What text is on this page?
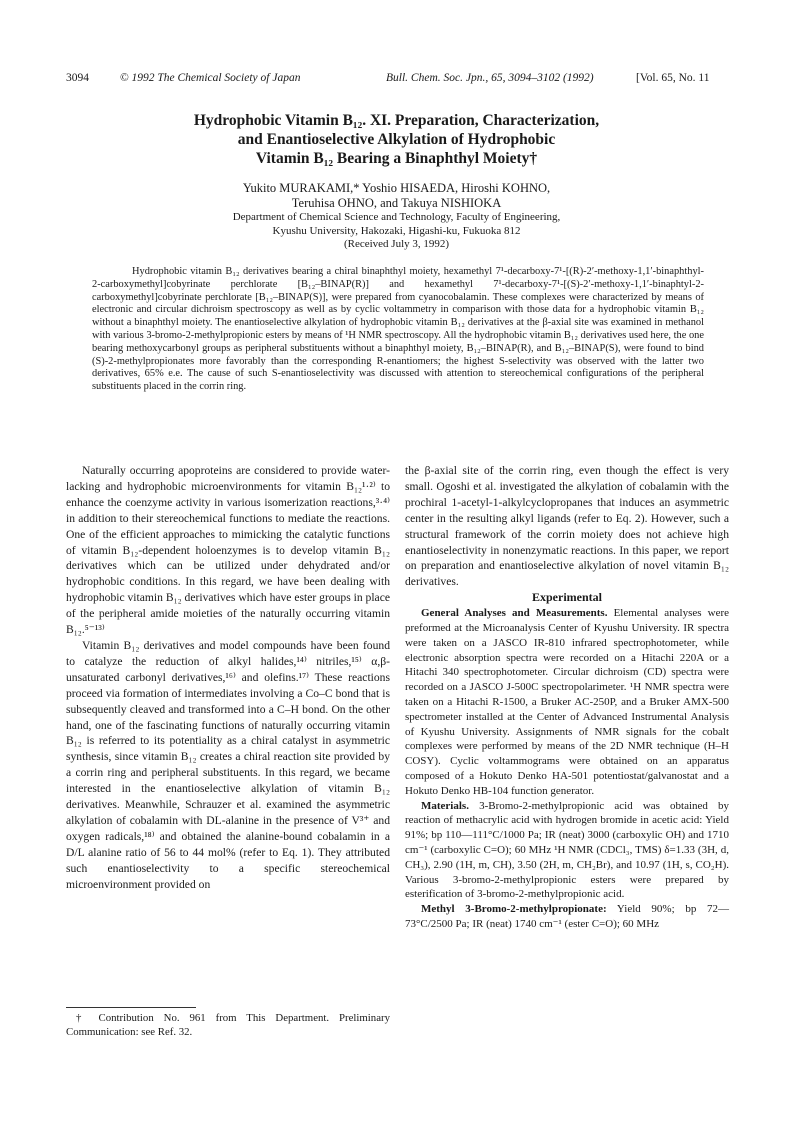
3094	© 1992 The Chemical Society of Japan	Bull. Chem. Soc. Jpn., 65, 3094–3102 (1992)	[Vol. 65, No. 11
Hydrophobic Vitamin B₁₂. XI. Preparation, Characterization,
and Enantioselective Alkylation of Hydrophobic
Vitamin B₁₂ Bearing a Binaphthyl Moiety†
Yukito MURAKAMI,* Yoshio HISAEDA, Hiroshi KOHNO,
Teruhisa OHNO, and Takuya NISHIOKA
Department of Chemical Science and Technology, Faculty of Engineering,
Kyushu University, Hakozaki, Higashi-ku, Fukuoka 812
(Received July 3, 1992)
Hydrophobic vitamin B₁₂ derivatives bearing a chiral binaphthyl moiety, hexamethyl 7¹-decarboxy-7¹-[(R)-2′-methoxy-1,1′-binaphthyl-2-carboxymethyl]cobyrinate perchlorate [B₁₂–BINAP(R)] and hexamethyl 7¹-decarboxy-7¹-[(S)-2′-methoxy-1,1′-binaphtyl-2-carboxymethyl]cobyrinate perchlorate [B₁₂–BINAP(S)], were prepared from cyanocobalamin. These complexes were characterized by means of electronic and circular dichroism spectroscopy as well as by cyclic voltammetry in comparison with those data for a hydrophobic vitamin B₁₂ without a binaphthyl moiety. The enantioselective alkylation of hydrophobic vitamin B₁₂ derivatives at the β-axial site was examined in methanol with various 3-bromo-2-methylpropionic esters by means of ¹H NMR spectroscopy. All the hydrophobic vitamin B₁₂ derivatives used here, the one bearing methoxycarbonyl groups as peripheral substituents without a binaphthyl moiety, B₁₂–BINAP(R), and B₁₂–BINAP(S), were found to bind (S)-2-methylpropionates more favorably than the corresponding R-enantiomers; the highest S-selectivity was observed with the latter two derivatives, 65% e.e. The cause of such S-enantioselectivity was discussed with attention to stereochemical configurations of the peripheral substituents placed in the corrin ring.

Naturally occurring apoproteins are considered to provide water-lacking and hydrophobic microenvironments for vitamin B₁₂¹·²⁾ to enhance the coenzyme activity in various isomerization reactions,³·⁴⁾ in addition to their stereochemical functions to mediate the reactions. One of the efficient approaches to mimicking the catalytic functions of vitamin B₁₂-dependent holoenzymes is to develop vitamin B₁₂ derivatives which can be utilized under dehydrated and/or hydrophobic conditions. In this regard, we have been dealing with hydrophobic vitamin B₁₂ derivatives which have ester groups in place of the peripheral amide moieties of the naturally occurring vitamin B₁₂.⁵⁻¹³⁾

Vitamin B₁₂ derivatives and model compounds have been found to catalyze the reduction of alkyl halides,¹⁴⁾ nitriles,¹⁵⁾ α,β-unsaturated carbonyl derivatives,¹⁶⁾ and olefins.¹⁷⁾ These reactions proceed via formation of intermediates involving a Co–C bond that is subsequently cleaved and transformed into a C–H bond. On the other hand, one of the fascinating functions of naturally occurring vitamin B₁₂ is referred to its potentiality as a chiral catalyst in asymmetric synthesis, since vitamin B₁₂ creates a chiral reaction site provided by a corrin ring and peripheral substituents. In this regard, we became interested in the enantioselective alkylation of vitamin B₁₂ derivatives. Meanwhile, Schrauzer et al. examined the asymmetric alkylation of cobalamin with DL-alanine in the presence of V³⁺ and oxygen radicals,¹⁸⁾ and obtained the alanine-bound cobalamin in a D/L alanine ratio of 56 to 44 mol% (refer to Eq. 1). They attributed such enantioselectivity to a specific stereochemical microenvironment provided on

† Contribution No. 961 from This Department. Preliminary Communication: see Ref. 32.

the β-axial site of the corrin ring, even though the effect is very small. Ogoshi et al. investigated the alkylation of cobalamin with the prochiral 1-acetyl-1-alkylcyclopropanes that induces an asymmetric center in the resulting alkyl ligands (refer to Eq. 2). However, such a structural framework of the corrin moiety does not achieve high enantioselectivity in nonenzymatic reactions. In this paper, we report on preparation and enantioselective alkylation of novel vitamin B₁₂ derivatives.

Experimental

General Analyses and Measurements. Elemental analyses were preformed at the Microanalysis Center of Kyushu University. IR spectra were taken on a JASCO IR-810 infrared spectrophotometer, while electronic absorption spectra were recorded on a Hitachi 220A or a Hitachi 340 spectrophotometer. Circular dichroism (CD) spectra were recorded on a JASCO J-500C spectropolarimeter. ¹H NMR spectra were taken on a Hitachi R-1500, a Bruker AC-250P, and a Bruker AMX-500 spectrometer installed at the Center of Advanced Instrumental Analysis of Kyushu University. Assignments of NMR signals for the cobalt complexes were performed by means of the 2D NMR technique (H–H COSY). Cyclic voltammograms were obtained on an apparatus composed of a Hokuto Denko HA-501 potentiostat/galvanostat and a Hokuto Denko HB-104 function generator.

Materials. 3-Bromo-2-methylpropionic acid was obtained by reaction of methacrylic acid with hydrogen bromide in acetic acid: Yield 91%; bp 110—111°C/1000 Pa; IR (neat) 3000 (carboxylic OH) and 1710 cm⁻¹ (carboxylic C=O); 60 MHz ¹H NMR (CDCl₃, TMS) δ=1.33 (3H, d, CH₃), 2.90 (1H, m, CH), 3.50 (2H, m, CH₂Br), and 10.97 (1H, s, CO₂H). Various 3-bromo-2-methylpropionic esters were prepared by esterification of 3-bromo-2-methylpropionic acid.

Methyl 3-Bromo-2-methylpropionate: Yield 90%; bp 72—73°C/2500 Pa; IR (neat) 1740 cm⁻¹ (ester C=O); 60 MHz
